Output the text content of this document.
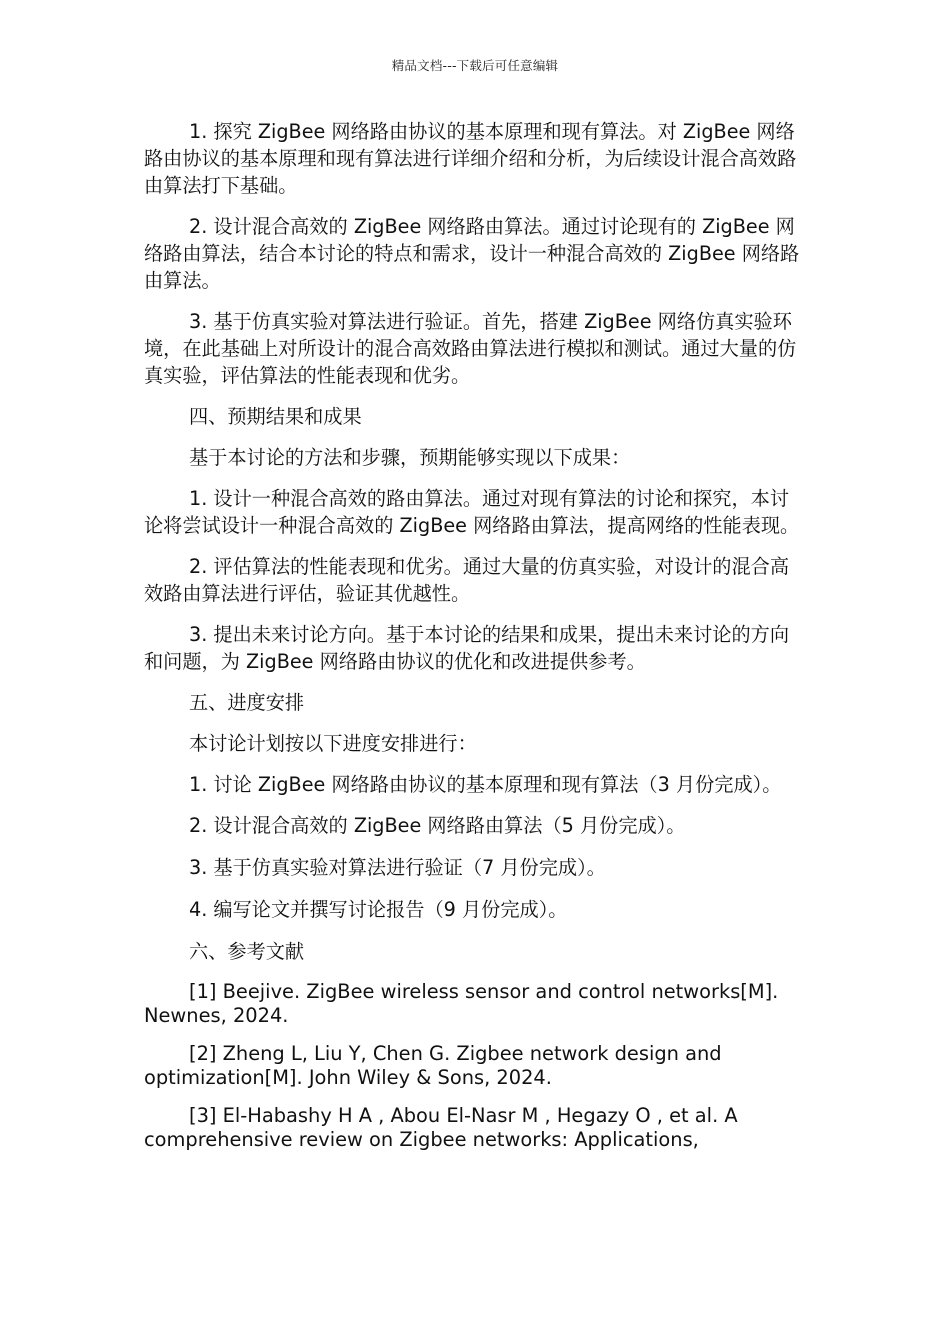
精品文档---下载后可任意编辑

1. 探究 ZigBee 网络路由协议的基本原理和现有算法。对 ZigBee 网络路由协议的基本原理和现有算法进行详细介绍和分析，为后续设计混合高效路由算法打下基础。

2. 设计混合高效的 ZigBee 网络路由算法。通过讨论现有的 ZigBee 网络路由算法，结合本讨论的特点和需求，设计一种混合高效的 ZigBee 网络路由算法。

3. 基于仿真实验对算法进行验证。首先，搭建 ZigBee 网络仿真实验环境，在此基础上对所设计的混合高效路由算法进行模拟和测试。通过大量的仿真实验，评估算法的性能表现和优劣。

四、预期结果和成果

基于本讨论的方法和步骤，预期能够实现以下成果：

1. 设计一种混合高效的路由算法。通过对现有算法的讨论和探究，本讨论将尝试设计一种混合高效的 ZigBee 网络路由算法，提高网络的性能表现。

2. 评估算法的性能表现和优劣。通过大量的仿真实验，对设计的混合高效路由算法进行评估，验证其优越性。

3. 提出未来讨论方向。基于本讨论的结果和成果，提出未来讨论的方向和问题，为 ZigBee 网络路由协议的优化和改进提供参考。

五、进度安排

本讨论计划按以下进度安排进行：

1. 讨论 ZigBee 网络路由协议的基本原理和现有算法（3 月份完成）。

2. 设计混合高效的 ZigBee 网络路由算法（5 月份完成）。

3. 基于仿真实验对算法进行验证（7 月份完成）。

4. 编写论文并撰写讨论报告（9 月份完成）。

六、参考文献

[1] Beejive. ZigBee wireless sensor and control networks[M]. Newnes, 2024.

[2] Zheng L, Liu Y, Chen G. Zigbee network design and optimization[M]. John Wiley & Sons, 2024.

[3] El-Habashy H A , Abou El-Nasr M , Hegazy O , et al. A comprehensive review on Zigbee networks: Applications,
